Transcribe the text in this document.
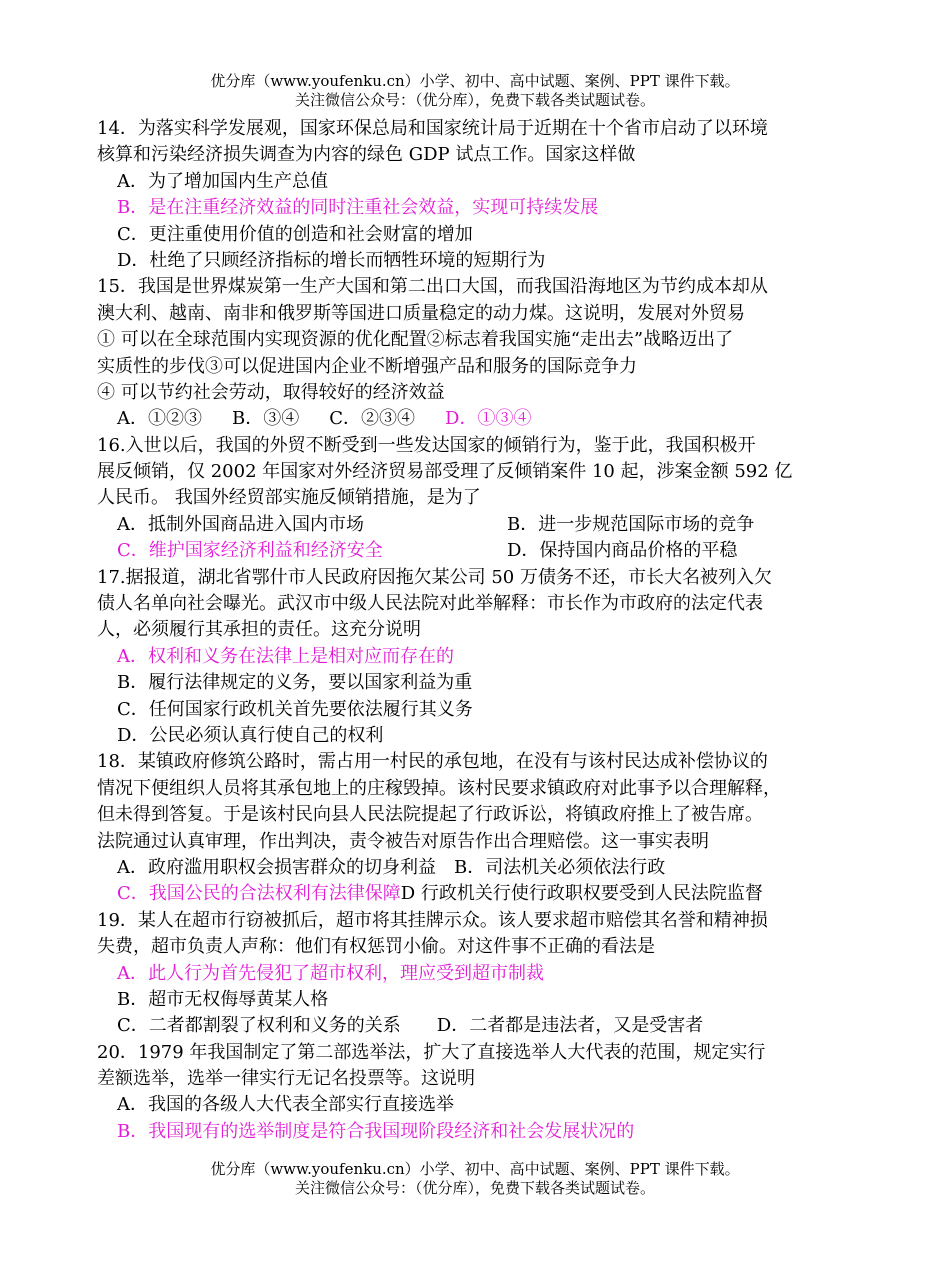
优分库（www.youfenku.cn）小学、初中、高中试题、案例、PPT 课件下载。
关注微信公众号：（优分库），免费下载各类试题试卷。
14．为落实科学发展观，国家环保总局和国家统计局于近期在十个省市启动了以环境
核算和污染经济损失调查为内容的绿色 GDP 试点工作。国家这样做
A．为了增加国内生产总值
B．是在注重经济效益的同时注重社会效益，实现可持续发展
C．更注重使用价值的创造和社会财富的增加
D．杜绝了只顾经济指标的增长而牺牲环境的短期行为
15．我国是世界煤炭第一生产大国和第二出口大国，而我国沿海地区为节约成本却从
澳大利、越南、南非和俄罗斯等国进口质量稳定的动力煤。这说明，发展对外贸易
① 可以在全球范围内实现资源的优化配置②标志着我国实施“走出去”战略迈出了
实质性的步伐③可以促进国内企业不断增强产品和服务的国际竞争力
④ 可以节约社会劳动，取得较好的经济效益
A．①②③ B．③④ C．②③④ D．①③④
16.入世以后，我国的外贸不断受到一些发达国家的倾销行为，鉴于此，我国积极开
展反倾销，仅 2002 年国家对外经济贸易部受理了反倾销案件 10 起，涉案金额 592 亿
人民币。 我国外经贸部实施反倾销措施，是为了
A．抵制外国商品进入国内市场	B．进一步规范国际市场的竞争
C．维护国家经济利益和经济安全	D．保持国内商品价格的平稳
17.据报道，湖北省鄂什市人民政府因拖欠某公司 50 万债务不还，市长大名被列入欠
债人名单向社会曝光。武汉市中级人民法院对此举解释：市长作为市政府的法定代表
人，必须履行其承担的责任。这充分说明
A．权利和义务在法律上是相对应而存在的
B．履行法律规定的义务，要以国家利益为重
C．任何国家行政机关首先要依法履行其义务
D．公民必须认真行使自己的权利
18．某镇政府修筑公路时，需占用一村民的承包地，在没有与该村民达成补偿协议的
情况下便组织人员将其承包地上的庄稼毁掉。该村民要求镇政府对此事予以合理解释，
但未得到答复。于是该村民向县人民法院提起了行政诉讼，将镇政府推上了被告席。
法院通过认真审理，作出判决，责令被告对原告作出合理赔偿。这一事实表明
A．政府滥用职权会损害群众的切身利益　B．司法机关必须依法行政
C．我国公民的合法权利有法律保障D 行政机关行使行政职权要受到人民法院监督
19．某人在超市行窃被抓后，超市将其挂牌示众。该人要求超市赔偿其名誉和精神损
失费，超市负责人声称：他们有权惩罚小偷。对这件事不正确的看法是
A．此人行为首先侵犯了超市权利，理应受到超市制裁
B．超市无权侮辱黄某人格
C．二者都割裂了权利和义务的关系　　D．二者都是违法者，又是受害者
20．1979 年我国制定了第二部选举法，扩大了直接选举人大代表的范围，规定实行
差额选举，选举一律实行无记名投票等。这说明
A．我国的各级人大代表全部实行直接选举
B．我国现有的选举制度是符合我国现阶段经济和社会发展状况的
优分库（www.youfenku.cn）小学、初中、高中试题、案例、PPT 课件下载。
关注微信公众号：（优分库），免费下载各类试题试卷。
